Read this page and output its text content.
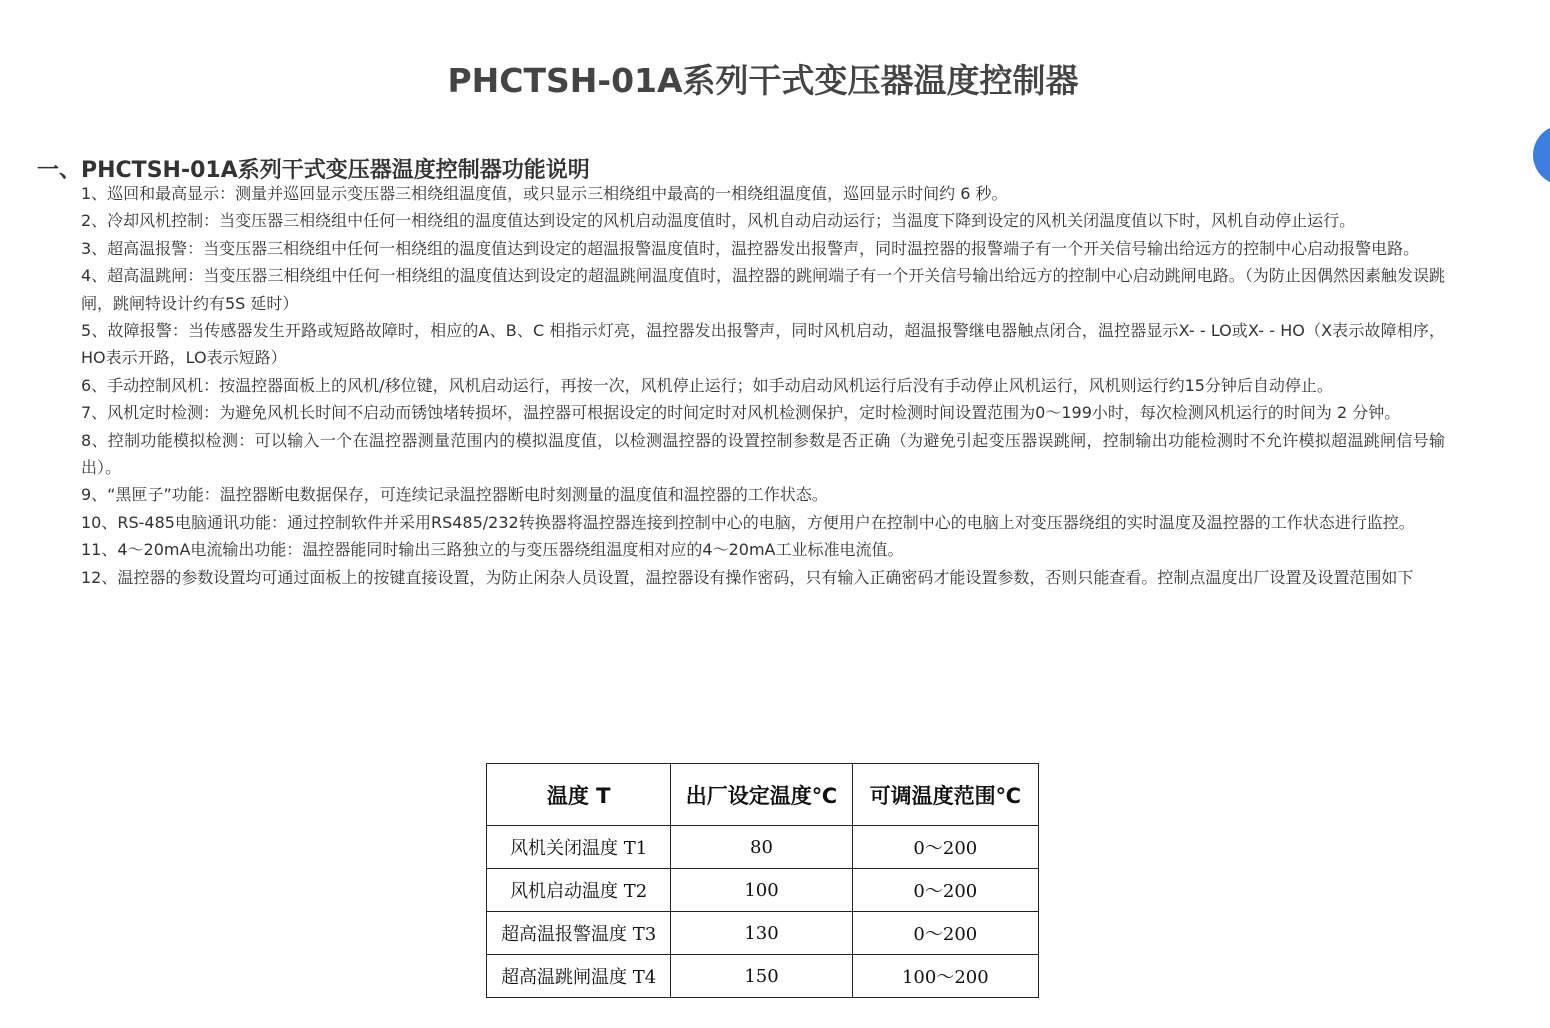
PHCTSH-01A系列干式变压器温度控制器
一、PHCTSH-01A系列干式变压器温度控制器功能说明
1、巡回和最高显示：测量并巡回显示变压器三相绕组温度值，或只显示三相绕组中最高的一相绕组温度值，巡回显示时间约 6 秒。
2、冷却风机控制：当变压器三相绕组中任何一相绕组的温度值达到设定的风机启动温度值时，风机自动启动运行；当温度下降到设定的风机关闭温度值以下时，风机自动停止运行。
3、超高温报警：当变压器三相绕组中任何一相绕组的温度值达到设定的超温报警温度值时，温控器发出报警声，同时温控器的报警端子有一个开关信号输出给远方的控制中心启动报警电路。
4、超高温跳闸：当变压器三相绕组中任何一相绕组的温度值达到设定的超温跳闸温度值时，温控器的跳闸端子有一个开关信号输出给远方的控制中心启动跳闸电路。（为防止因偶然因素触发误跳闸，跳闸特设计约有5S 延时）
5、故障报警：当传感器发生开路或短路故障时，相应的A、B、C 相指示灯亮，温控器发出报警声，同时风机启动，超温报警继电器触点闭合，温控器显示X- - LO或X- - HO（X表示故障相序，HO表示开路，LO表示短路）
6、手动控制风机：按温控器面板上的风机/移位键，风机启动运行，再按一次，风机停止运行；如手动启动风机运行后没有手动停止风机运行，风机则运行约15分钟后自动停止。
7、风机定时检测：为避免风机长时间不启动而锈蚀堵转损坏，温控器可根据设定的时间定时对风机检测保护，定时检测时间设置范围为0～199小时，每次检测风机运行的时间为 2 分钟。
8、控制功能模拟检测：可以输入一个在温控器测量范围内的模拟温度值，以检测温控器的设置控制参数是否正确（为避免引起变压器误跳闸，控制输出功能检测时不允许模拟超温跳闸信号输出）。
9、“黑匣子”功能：温控器断电数据保存，可连续记录温控器断电时刻测量的温度值和温控器的工作状态。
10、RS-485电脑通讯功能：通过控制软件并采用RS485/232转换器将温控器连接到控制中心的电脑，方便用户在控制中心的电脑上对变压器绕组的实时温度及温控器的工作状态进行监控。
11、4～20mA电流输出功能：温控器能同时输出三路独立的与变压器绕组温度相对应的4～20mA工业标准电流值。
12、温控器的参数设置均可通过面板上的按键直接设置，为防止闲杂人员设置，温控器设有操作密码，只有输入正确密码才能设置参数，否则只能查看。控制点温度出厂设置及设置范围如下
温度 T	出厂设定温度℃	可调温度范围℃
风机关闭温度 T1	80	0～200
风机启动温度 T2	100	0～200
超高温报警温度 T3	130	0～200
超高温跳闸温度 T4	150	100～200
